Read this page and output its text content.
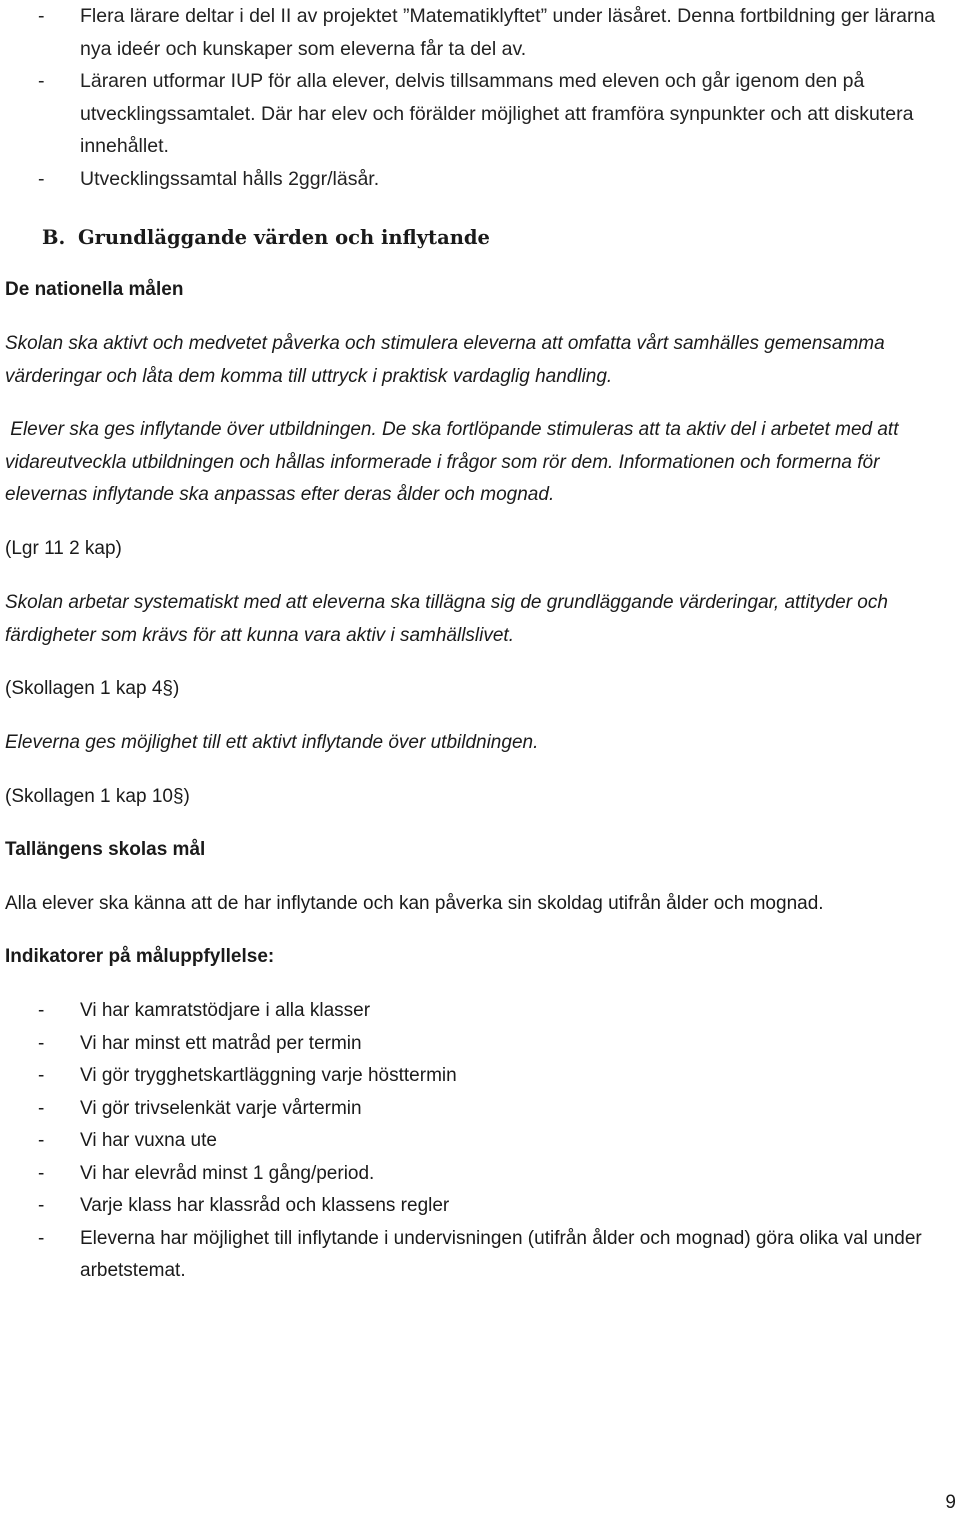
- Flera lärare deltar i del II av projektet ”Matematiklyftet” under läsåret. Denna fortbildning ger lärarna nya ideér och kunskaper som eleverna får ta del av.
- Läraren utformar IUP för alla elever, delvis tillsammans med eleven och går igenom den på utvecklingssamtalet. Där har elev och förälder möjlighet att framföra synpunkter och att diskutera innehållet.
- Utvecklingssamtal hålls 2ggr/läsår.
B. Grundläggande värden och inflytande

De nationella målen

Skolan ska aktivt och medvetet påverka och stimulera eleverna att omfatta vårt samhälles gemensamma värderingar och låta dem komma till uttryck i praktisk vardaglig handling.

Elever ska ges inflytande över utbildningen. De ska fortlöpande stimuleras att ta aktiv del i arbetet med att vidareutveckla utbildningen och hållas informerade i frågor som rör dem. Informationen och formerna för elevernas inflytande ska anpassas efter deras ålder och mognad.

(Lgr 11 2 kap)

Skolan arbetar systematiskt med att eleverna ska tillägna sig de grundläggande värderingar, attityder och färdigheter som krävs för att kunna vara aktiv i samhällslivet.

(Skollagen 1 kap 4§)

Eleverna ges möjlighet till ett aktivt inflytande över utbildningen.

(Skollagen 1 kap 10§)

Tallängens skolas mål

Alla elever ska känna att de har inflytande och kan påverka sin skoldag utifrån ålder och mognad.

Indikatorer på måluppfyllelse:

- Vi har kamratstödjare i alla klasser
- Vi har minst ett matråd per termin
- Vi gör trygghetskartläggning varje hösttermin
- Vi gör trivselenkät varje vårtermin
- Vi har vuxna ute
- Vi har elevråd minst 1 gång/period.
- Varje klass har klassråd och klassens regler
- Eleverna har möjlighet till inflytande i undervisningen (utifrån ålder och mognad) göra olika val under arbetstemat.
9
